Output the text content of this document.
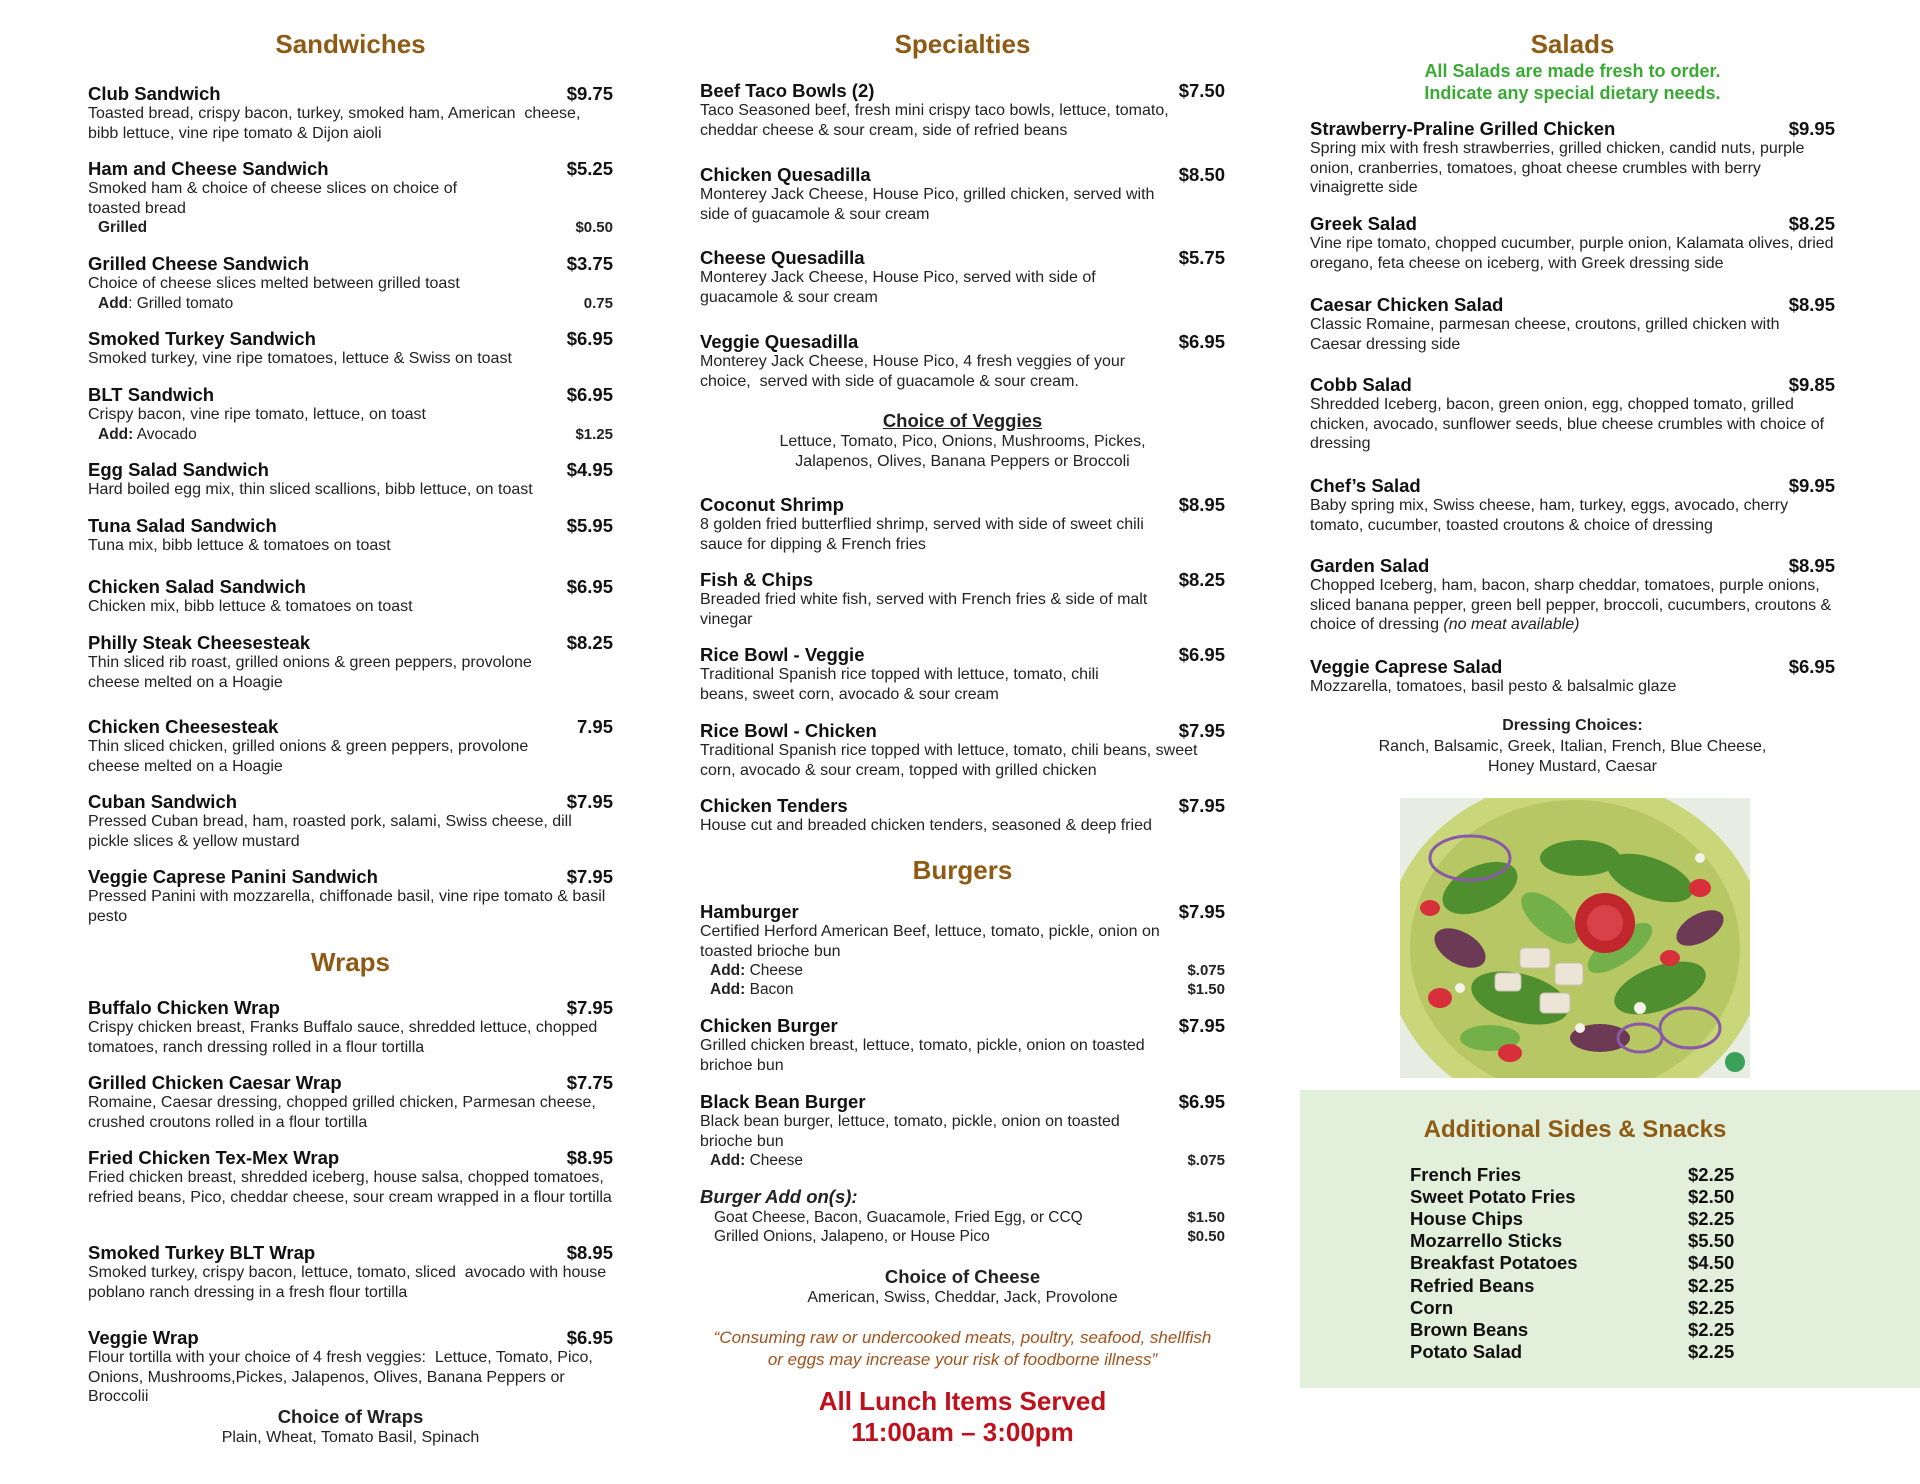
Sandwiches
Club Sandwich	$9.75
Toasted bread, crispy bacon, turkey, smoked ham, American  cheese, bibb lettuce, vine ripe tomato & Dijon aioli
Ham and Cheese Sandwich	$5.25
Smoked ham & choice of cheese slices on choice of toasted bread
Grilled	$0.50
Grilled Cheese Sandwich	$3.75
Choice of cheese slices melted between grilled toast
Add: Grilled tomato	0.75
Smoked Turkey Sandwich	$6.95
Smoked turkey, vine ripe tomatoes, lettuce & Swiss on toast
BLT Sandwich	$6.95
Crispy bacon, vine ripe tomato, lettuce, on toast
Add: Avocado	$1.25
Egg Salad Sandwich	$4.95
Hard boiled egg mix, thin sliced scallions, bibb lettuce, on toast
Tuna Salad Sandwich	$5.95
Tuna mix, bibb lettuce & tomatoes on toast
Chicken Salad Sandwich	$6.95
Chicken mix, bibb lettuce & tomatoes on toast
Philly Steak Cheesesteak	$8.25
Thin sliced rib roast, grilled onions & green peppers, provolone cheese melted on a Hoagie
Chicken Cheesesteak	7.95
Thin sliced chicken, grilled onions & green peppers, provolone cheese melted on a Hoagie
Cuban Sandwich	$7.95
Pressed Cuban bread, ham, roasted pork, salami, Swiss cheese, dill pickle slices & yellow mustard
Veggie Caprese Panini Sandwich	$7.95
Pressed Panini with mozzarella, chiffonade basil, vine ripe tomato & basil pesto
Wraps
Buffalo Chicken Wrap	$7.95
Crispy chicken breast, Franks Buffalo sauce, shredded lettuce, chopped tomatoes, ranch dressing rolled in a flour tortilla
Grilled Chicken Caesar Wrap	$7.75
Romaine, Caesar dressing, chopped grilled chicken, Parmesan cheese, crushed croutons rolled in a flour tortilla
Fried Chicken Tex-Mex Wrap	$8.95
Fried chicken breast, shredded iceberg, house salsa, chopped tomatoes, refried beans, Pico, cheddar cheese, sour cream wrapped in a flour tortilla
Smoked Turkey BLT Wrap	$8.95
Smoked turkey, crispy bacon, lettuce, tomato, sliced  avocado with house poblano ranch dressing in a fresh flour tortilla
Veggie Wrap	$6.95
Flour tortilla with your choice of 4 fresh veggies:  Lettuce, Tomato, Pico, Onions, Mushrooms,Pickes, Jalapenos, Olives, Banana Peppers or Broccolii
Choice of Wraps
Plain, Wheat, Tomato Basil, Spinach
Specialties
Beef Taco Bowls (2)	$7.50
Taco Seasoned beef, fresh mini crispy taco bowls, lettuce, tomato, cheddar cheese & sour cream, side of refried beans
Chicken Quesadilla	$8.50
Monterey Jack Cheese, House Pico, grilled chicken, served with side of guacamole & sour cream
Cheese Quesadilla	$5.75
Monterey Jack Cheese, House Pico, served with side of guacamole & sour cream
Veggie Quesadilla	$6.95
Monterey Jack Cheese, House Pico, 4 fresh veggies of your choice,  served with side of guacamole & sour cream.
Choice of Veggies
Lettuce, Tomato, Pico, Onions, Mushrooms, Pickes, Jalapenos, Olives, Banana Peppers or Broccoli
Coconut Shrimp	$8.95
8 golden fried butterflied shrimp, served with side of sweet chili sauce for dipping & French fries
Fish & Chips	$8.25
Breaded fried white fish, served with French fries & side of malt vinegar
Rice Bowl - Veggie	$6.95
Traditional Spanish rice topped with lettuce, tomato, chili beans, sweet corn, avocado & sour cream
Rice Bowl - Chicken	$7.95
Traditional Spanish rice topped with lettuce, tomato, chili beans, sweet corn, avocado & sour cream, topped with grilled chicken
Chicken Tenders	$7.95
House cut and breaded chicken tenders, seasoned & deep fried
Burgers
Hamburger	$7.95
Certified Herford American Beef, lettuce, tomato, pickle, onion on toasted brioche bun
Add: Cheese	$.075
Add: Bacon	$1.50
Chicken Burger	$7.95
Grilled chicken breast, lettuce, tomato, pickle, onion on toasted brichoe bun
Black Bean Burger	$6.95
Black bean burger, lettuce, tomato, pickle, onion on toasted brioche bun
Add: Cheese	$.075
Burger Add on(s):
Goat Cheese, Bacon, Guacamole, Fried Egg, or CCQ	$1.50
Grilled Onions, Jalapeno, or House Pico	$0.50
Choice of Cheese
American, Swiss, Cheddar, Jack, Provolone
“Consuming raw or undercooked meats, poultry, seafood, shellfish or eggs may increase your risk of foodborne illness”
All Lunch Items Served
11:00am – 3:00pm
Salads
All Salads are made fresh to order.
Indicate any special dietary needs.
Strawberry-Praline Grilled Chicken	$9.95
Spring mix with fresh strawberries, grilled chicken, candid nuts, purple onion, cranberries, tomatoes, ghoat cheese crumbles with berry vinaigrette side
Greek Salad	$8.25
Vine ripe tomato, chopped cucumber, purple onion, Kalamata olives, dried oregano, feta cheese on iceberg, with Greek dressing side
Caesar Chicken Salad	$8.95
Classic Romaine, parmesan cheese, croutons, grilled chicken with Caesar dressing side
Cobb Salad	$9.85
Shredded Iceberg, bacon, green onion, egg, chopped tomato, grilled chicken, avocado, sunflower seeds, blue cheese crumbles with choice of dressing
Chef’s Salad	$9.95
Baby spring mix, Swiss cheese, ham, turkey, eggs, avocado, cherry tomato, cucumber, toasted croutons & choice of dressing
Garden Salad	$8.95
Chopped Iceberg, ham, bacon, sharp cheddar, tomatoes, purple onions, sliced banana pepper, green bell pepper, broccoli, cucumbers, croutons & choice of dressing (no meat available)
Veggie Caprese Salad	$6.95
Mozzarella, tomatoes, basil pesto & balsalmic glaze
Dressing Choices:
Ranch, Balsamic, Greek, Italian, French, Blue Cheese,
Honey Mustard, Caesar
Additional Sides & Snacks
French Fries	$2.25
Sweet Potato Fries	$2.50
House Chips	$2.25
Mozarrello Sticks	$5.50
Breakfast Potatoes	$4.50
Refried Beans	$2.25
Corn	$2.25
Brown Beans	$2.25
Potato Salad	$2.25
